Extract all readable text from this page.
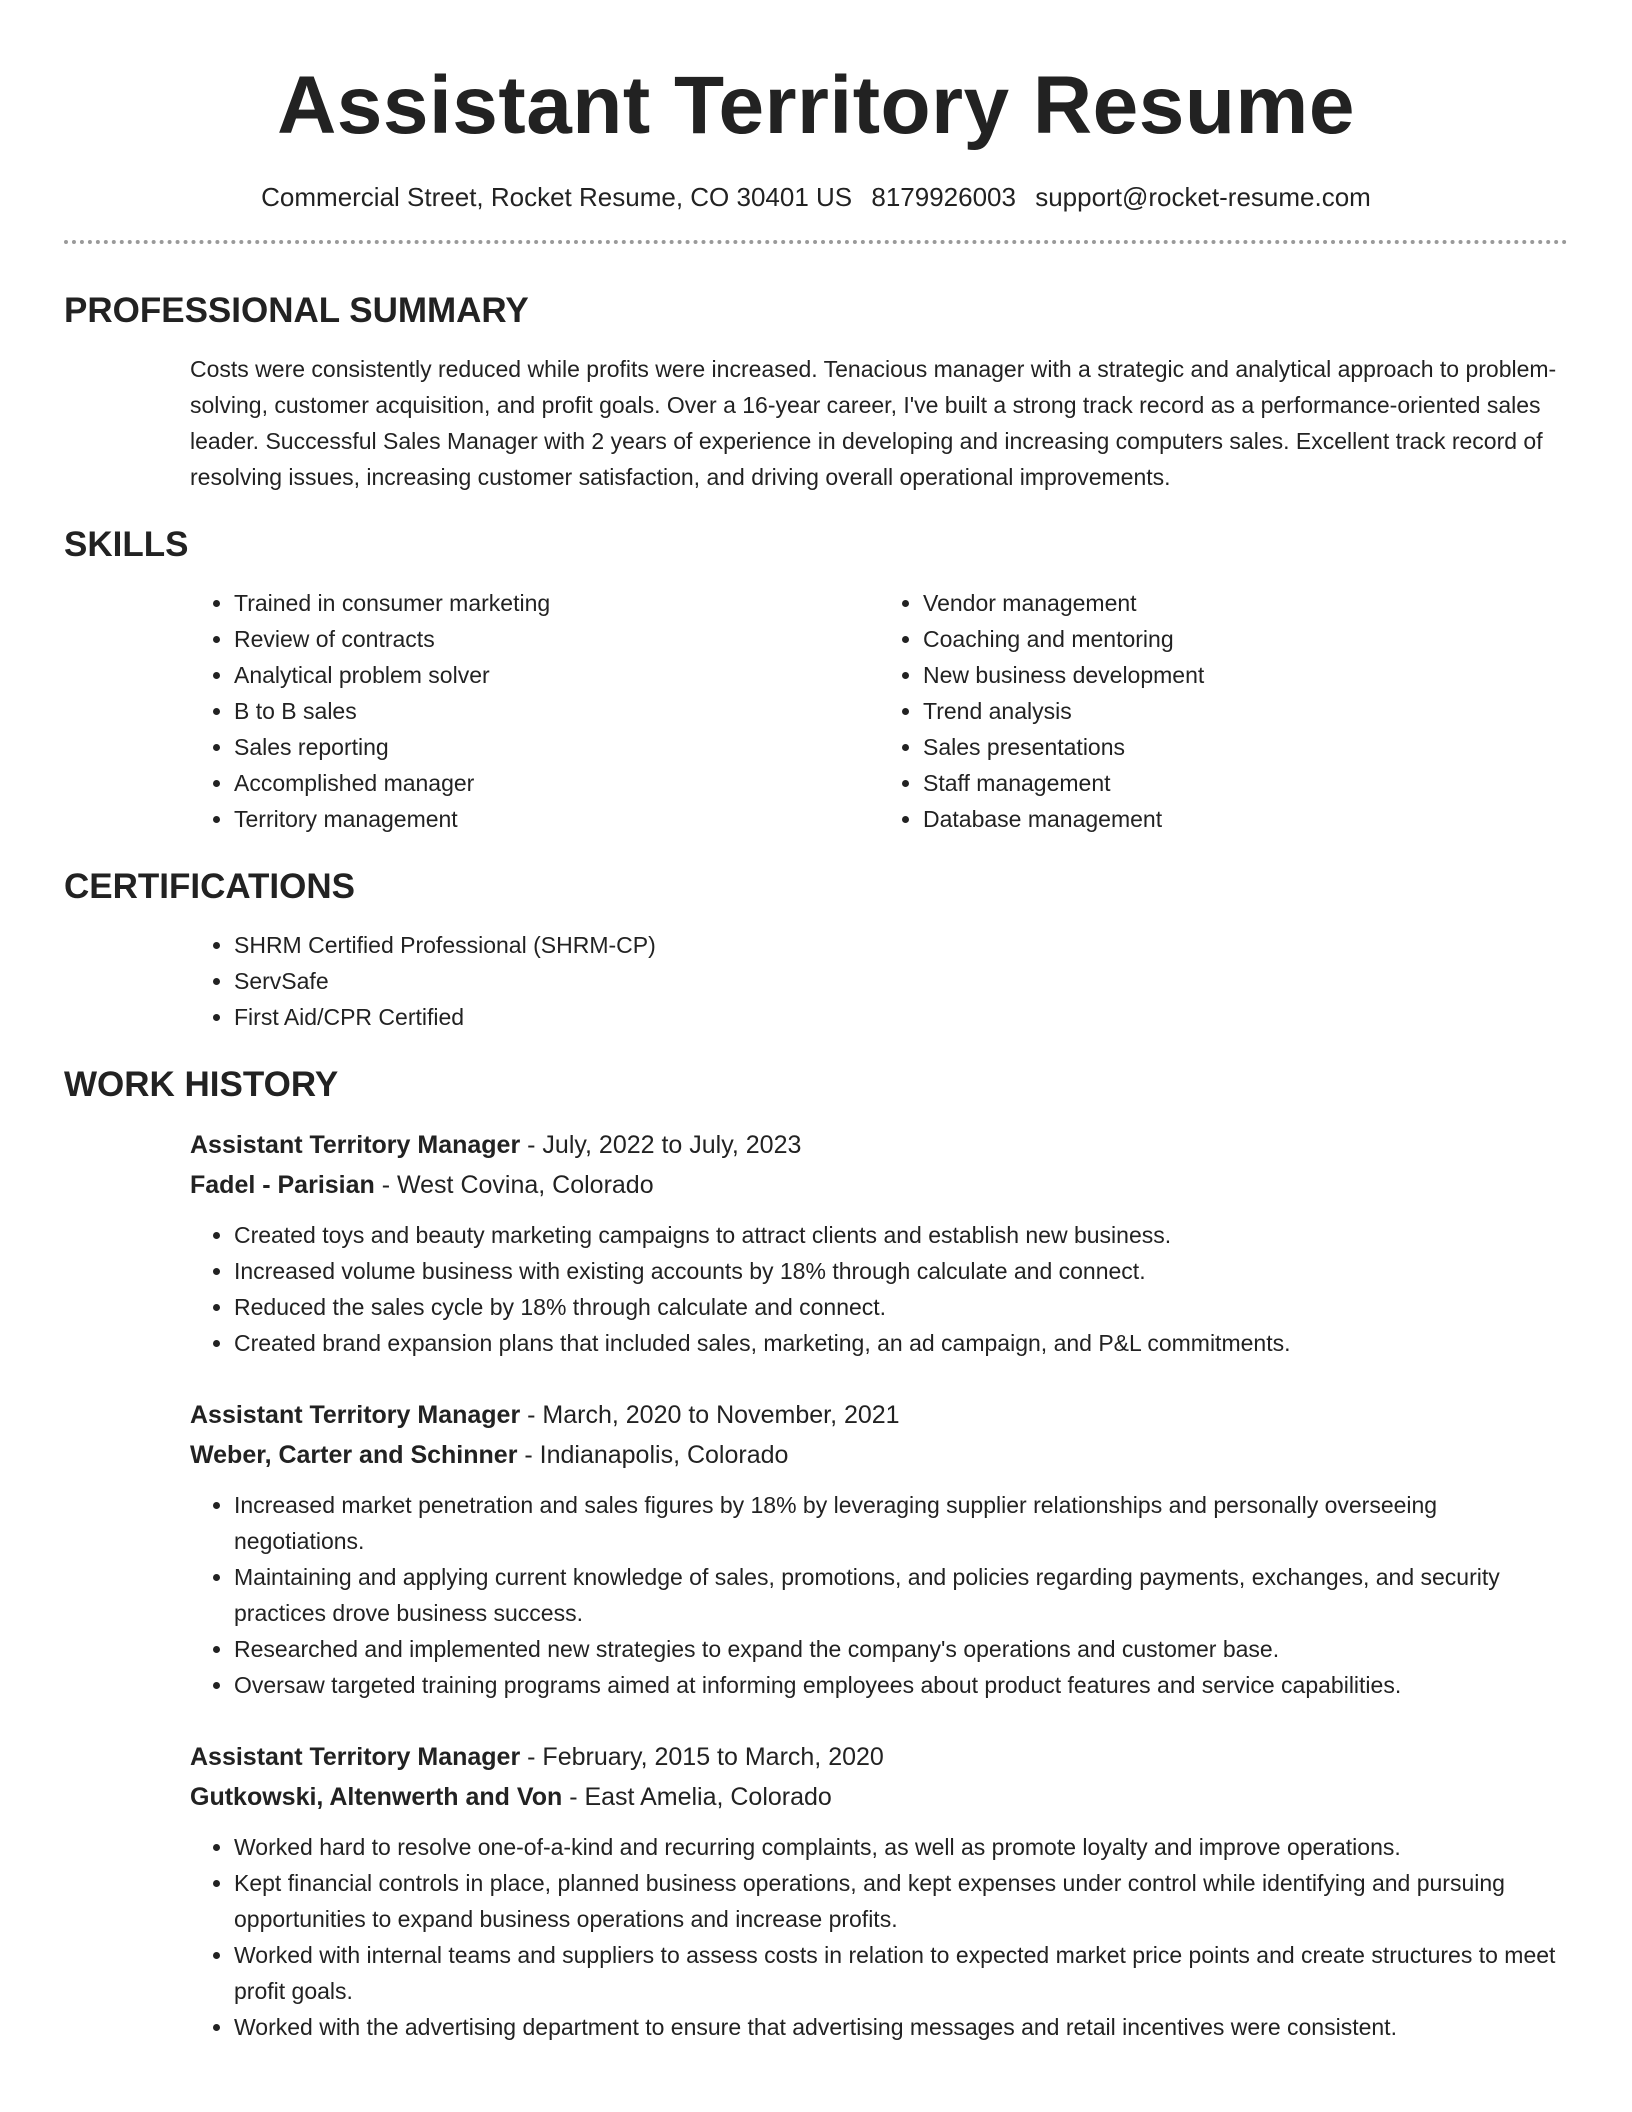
Assistant Territory Resume
Commercial Street, Rocket Resume, CO 30401 US 8179926003 support@rocket-resume.com
PROFESSIONAL SUMMARY

Costs were consistently reduced while profits were increased. Tenacious manager with a strategic and analytical approach to problem-solving, customer acquisition, and profit goals. Over a 16-year career, I've built a strong track record as a performance-oriented sales leader. Successful Sales Manager with 2 years of experience in developing and increasing computers sales. Excellent track record of resolving issues, increasing customer satisfaction, and driving overall operational improvements.

SKILLS
• Trained in consumer marketing
• Review of contracts
• Analytical problem solver
• B to B sales
• Sales reporting
• Accomplished manager
• Territory management
• Vendor management
• Coaching and mentoring
• New business development
• Trend analysis
• Sales presentations
• Staff management
• Database management
CERTIFICATIONS
• SHRM Certified Professional (SHRM-CP)
• ServSafe
• First Aid/CPR Certified
WORK HISTORY
Assistant Territory Manager - July, 2022 to July, 2023
Fadel - Parisian - West Covina, Colorado
• Created toys and beauty marketing campaigns to attract clients and establish new business.
• Increased volume business with existing accounts by 18% through calculate and connect.
• Reduced the sales cycle by 18% through calculate and connect.
• Created brand expansion plans that included sales, marketing, an ad campaign, and P&L commitments.
Assistant Territory Manager - March, 2020 to November, 2021
Weber, Carter and Schinner - Indianapolis, Colorado
• Increased market penetration and sales figures by 18% by leveraging supplier relationships and personally overseeing negotiations.
• Maintaining and applying current knowledge of sales, promotions, and policies regarding payments, exchanges, and security practices drove business success.
• Researched and implemented new strategies to expand the company's operations and customer base.
• Oversaw targeted training programs aimed at informing employees about product features and service capabilities.
Assistant Territory Manager - February, 2015 to March, 2020
Gutkowski, Altenwerth and Von - East Amelia, Colorado
• Worked hard to resolve one-of-a-kind and recurring complaints, as well as promote loyalty and improve operations.
• Kept financial controls in place, planned business operations, and kept expenses under control while identifying and pursuing opportunities to expand business operations and increase profits.
• Worked with internal teams and suppliers to assess costs in relation to expected market price points and create structures to meet profit goals.
• Worked with the advertising department to ensure that advertising messages and retail incentives were consistent.
